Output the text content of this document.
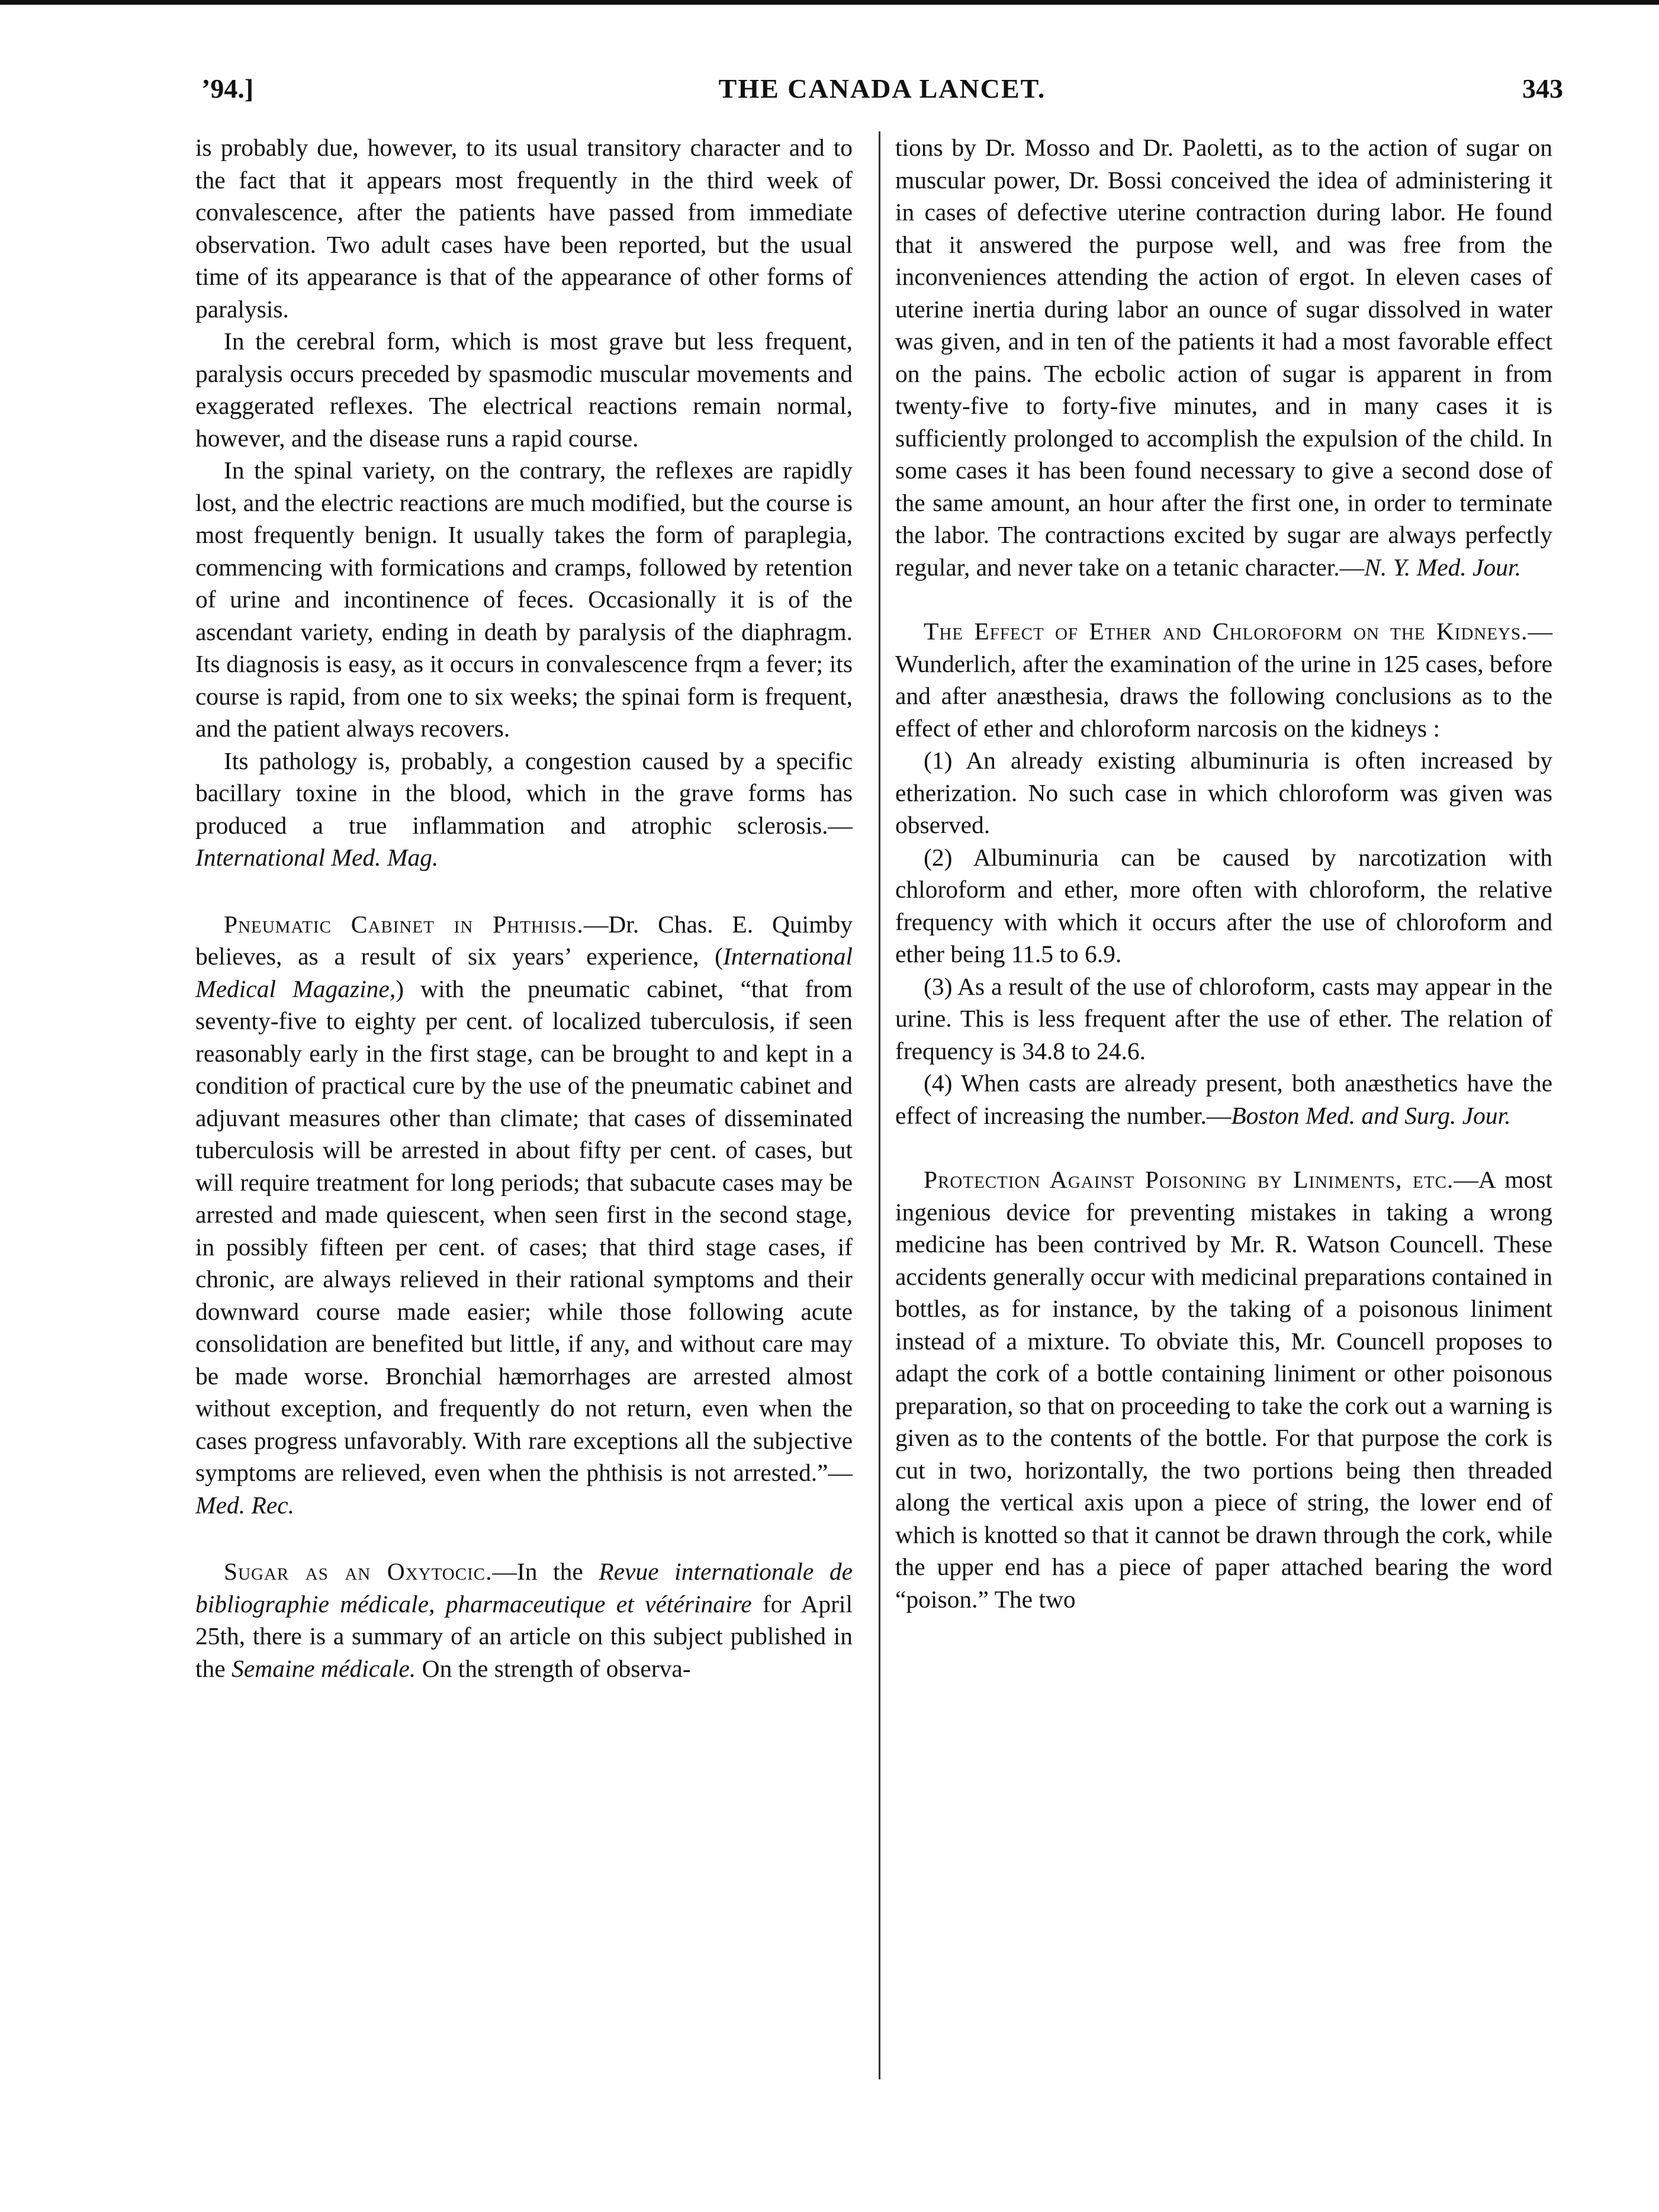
’94.]	THE CANADA LANCET.	343

is probably due, however, to its usual transitory character and to the fact that it appears most frequently in the third week of convalescence, after the patients have passed from immediate observation. Two adult cases have been reported, but the usual time of its appearance is that of the appearance of other forms of paralysis.

In the cerebral form, which is most grave but less frequent, paralysis occurs preceded by spasmodic muscular movements and exaggerated reflexes. The electrical reactions remain normal, however, and the disease runs a rapid course.

In the spinal variety, on the contrary, the reflexes are rapidly lost, and the electric reactions are much modified, but the course is most frequently benign. It usually takes the form of paraplegia, commencing with formications and cramps, followed by retention of urine and incontinence of feces. Occasionally it is of the ascendant variety, ending in death by paralysis of the diaphragm. Its diagnosis is easy, as it occurs in convalescence frqm a fever; its course is rapid, from one to six weeks; the spinai form is frequent, and the patient always recovers.

Its pathology is, probably, a congestion caused by a specific bacillary toxine in the blood, which in the grave forms has produced a true inflammation and atrophic sclerosis.—International Med. Mag.

Pneumatic Cabinet in Phthisis.—Dr. Chas. E. Quimby believes, as a result of six years’ experience, (International Medical Magazine,) with the pneumatic cabinet, “that from seventy-five to eighty per cent. of localized tuberculosis, if seen reasonably early in the first stage, can be brought to and kept in a condition of practical cure by the use of the pneumatic cabinet and adjuvant measures other than climate; that cases of disseminated tuberculosis will be arrested in about fifty per cent. of cases, but will require treatment for long periods; that subacute cases may be arrested and made quiescent, when seen first in the second stage, in possibly fifteen per cent. of cases; that third stage cases, if chronic, are always relieved in their rational symptoms and their downward course made easier; while those following acute consolidation are benefited but little, if any, and without care may be made worse. Bronchial hæmorrhages are arrested almost without exception, and frequently do not return, even when the cases progress unfavorably. With rare exceptions all the subjective symptoms are relieved, even when the phthisis is not arrested.”—Med. Rec.

Sugar as an Oxytocic.—In the Revue internationale de bibliographie médicale, pharmaceutique et vétérinaire for April 25th, there is a summary of an article on this subject published in the Semaine médicale. On the strength of observa-

tions by Dr. Mosso and Dr. Paoletti, as to the action of sugar on muscular power, Dr. Bossi conceived the idea of administering it in cases of defective uterine contraction during labor. He found that it answered the purpose well, and was free from the inconveniences attending the action of ergot. In eleven cases of uterine inertia during labor an ounce of sugar dissolved in water was given, and in ten of the patients it had a most favorable effect on the pains. The ecbolic action of sugar is apparent in from twenty-five to forty-five minutes, and in many cases it is sufficiently prolonged to accomplish the expulsion of the child. In some cases it has been found necessary to give a second dose of the same amount, an hour after the first one, in order to terminate the labor. The contractions excited by sugar are always perfectly regular, and never take on a tetanic character.—N. Y. Med. Jour.

The Effect of Ether and Chloroform on the Kidneys.—Wunderlich, after the examination of the urine in 125 cases, before and after anæsthesia, draws the following conclusions as to the effect of ether and chloroform narcosis on the kidneys :

(1) An already existing albuminuria is often increased by etherization. No such case in which chloroform was given was observed.

(2) Albuminuria can be caused by narcotization with chloroform and ether, more often with chloroform, the relative frequency with which it occurs after the use of chloroform and ether being 11.5 to 6.9.

(3) As a result of the use of chloroform, casts may appear in the urine. This is less frequent after the use of ether. The relation of frequency is 34.8 to 24.6.

(4) When casts are already present, both anæsthetics have the effect of increasing the number.—Boston Med. and Surg. Jour.

Protection Against Poisoning by Liniments, etc.—A most ingenious device for preventing mistakes in taking a wrong medicine has been contrived by Mr. R. Watson Councell. These accidents generally occur with medicinal preparations contained in bottles, as for instance, by the taking of a poisonous liniment instead of a mixture. To obviate this, Mr. Councell proposes to adapt the cork of a bottle containing liniment or other poisonous preparation, so that on proceeding to take the cork out a warning is given as to the contents of the bottle. For that purpose the cork is cut in two, horizontally, the two portions being then threaded along the vertical axis upon a piece of string, the lower end of which is knotted so that it cannot be drawn through the cork, while the upper end has a piece of paper attached bearing the word “poison.” The two
